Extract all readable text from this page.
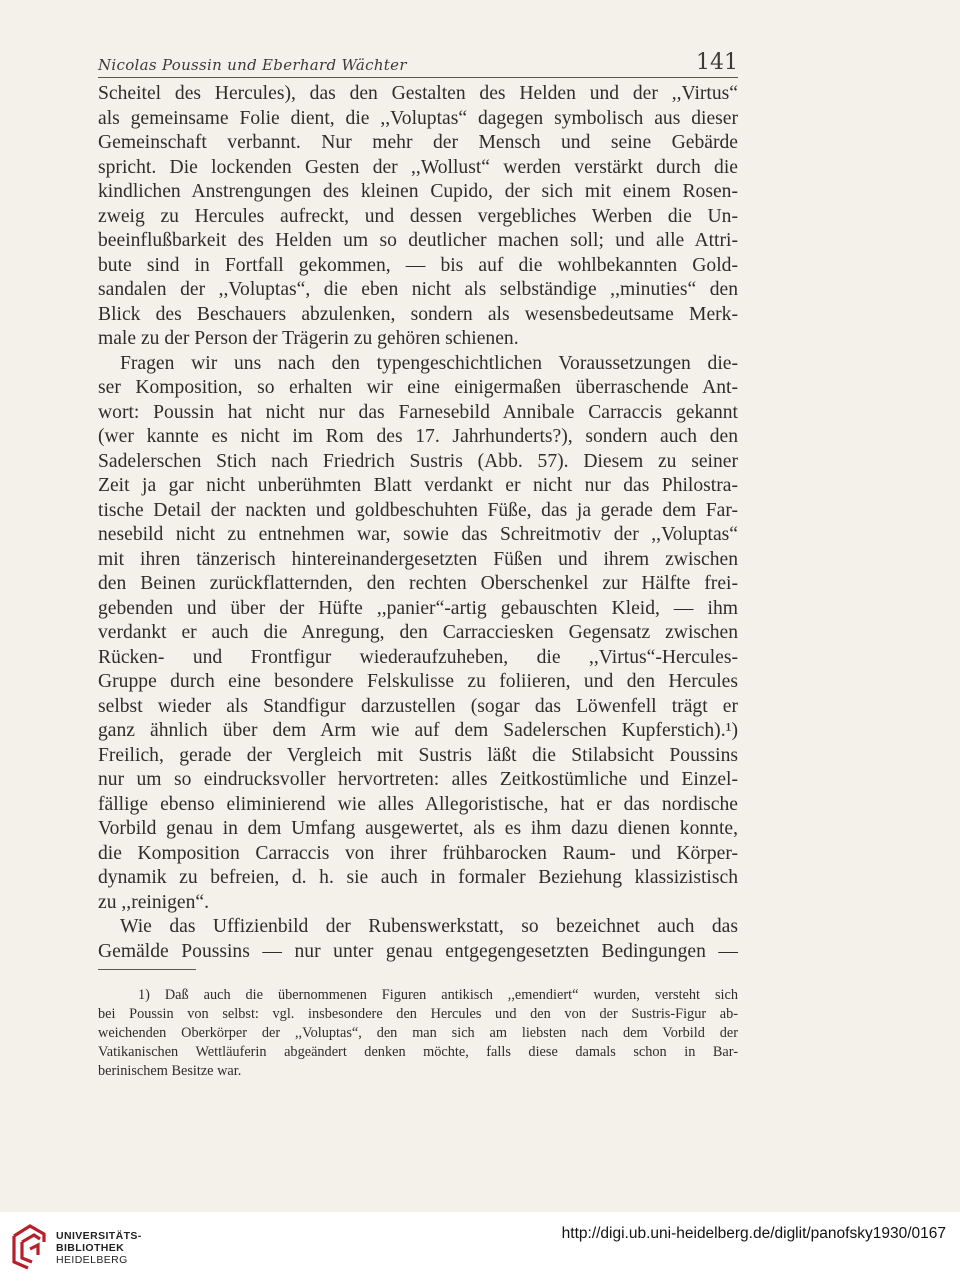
Nicolas Poussin und Eberhard Wächter	141
Scheitel des Hercules), das den Gestalten des Helden und der ,,Virtus“
als gemeinsame Folie dient, die ,,Voluptas“ dagegen symbolisch aus dieser
Gemeinschaft verbannt. Nur mehr der Mensch und seine Gebärde
spricht. Die lockenden Gesten der ,,Wollust“ werden verstärkt durch die
kindlichen Anstrengungen des kleinen Cupido, der sich mit einem Rosen-
zweig zu Hercules aufreckt, und dessen vergebliches Werben die Un-
beeinflußbarkeit des Helden um so deutlicher machen soll; und alle Attri-
bute sind in Fortfall gekommen, — bis auf die wohlbekannten Gold-
sandalen der ,,Voluptas“, die eben nicht als selbständige ,,minuties“ den
Blick des Beschauers abzulenken, sondern als wesensbedeutsame Merk-
male zu der Person der Trägerin zu gehören schienen.
Fragen wir uns nach den typengeschichtlichen Voraussetzungen die-
ser Komposition, so erhalten wir eine einigermaßen überraschende Ant-
wort: Poussin hat nicht nur das Farnesebild Annibale Carraccis gekannt
(wer kannte es nicht im Rom des 17. Jahrhunderts?), sondern auch den
Sadelerschen Stich nach Friedrich Sustris (Abb. 57). Diesem zu seiner
Zeit ja gar nicht unberühmten Blatt verdankt er nicht nur das Philostra-
tische Detail der nackten und goldbeschuhten Füße, das ja gerade dem Far-
nesebild nicht zu entnehmen war, sowie das Schreitmotiv der ,,Voluptas“
mit ihren tänzerisch hintereinandergesetzten Füßen und ihrem zwischen
den Beinen zurückflatternden, den rechten Oberschenkel zur Hälfte frei-
gebenden und über der Hüfte ,,panier“-artig gebauschten Kleid, — ihm
verdankt er auch die Anregung, den Carracciesken Gegensatz zwischen
Rücken- und Frontfigur wiederaufzuheben, die ,,Virtus“-Hercules-
Gruppe durch eine besondere Felskulisse zu foliieren, und den Hercules
selbst wieder als Standfigur darzustellen (sogar das Löwenfell trägt er
ganz ähnlich über dem Arm wie auf dem Sadelerschen Kupferstich).¹)
Freilich, gerade der Vergleich mit Sustris läßt die Stilabsicht Poussins
nur um so eindrucksvoller hervortreten: alles Zeitkostümliche und Einzel-
fällige ebenso eliminierend wie alles Allegoristische, hat er das nordische
Vorbild genau in dem Umfang ausgewertet, als es ihm dazu dienen konnte,
die Komposition Carraccis von ihrer frühbarocken Raum- und Körper-
dynamik zu befreien, d. h. sie auch in formaler Beziehung klassizistisch
zu ,,reinigen“.
Wie das Uffizienbild der Rubenswerkstatt, so bezeichnet auch das
Gemälde Poussins — nur unter genau entgegengesetzten Bedingungen —
1) Daß auch die übernommenen Figuren antikisch ,,emendiert“ wurden, versteht sich
bei Poussin von selbst: vgl. insbesondere den Hercules und den von der Sustris-Figur ab-
weichenden Oberkörper der ,,Voluptas“, den man sich am liebsten nach dem Vorbild der
Vatikanischen Wettläuferin abgeändert denken möchte, falls diese damals schon in Bar-
berinischem Besitze war.
UNIVERSITÄTS-
BIBLIOTHEK
HEIDELBERG
http://digi.ub.uni-heidelberg.de/diglit/panofsky1930/0167
